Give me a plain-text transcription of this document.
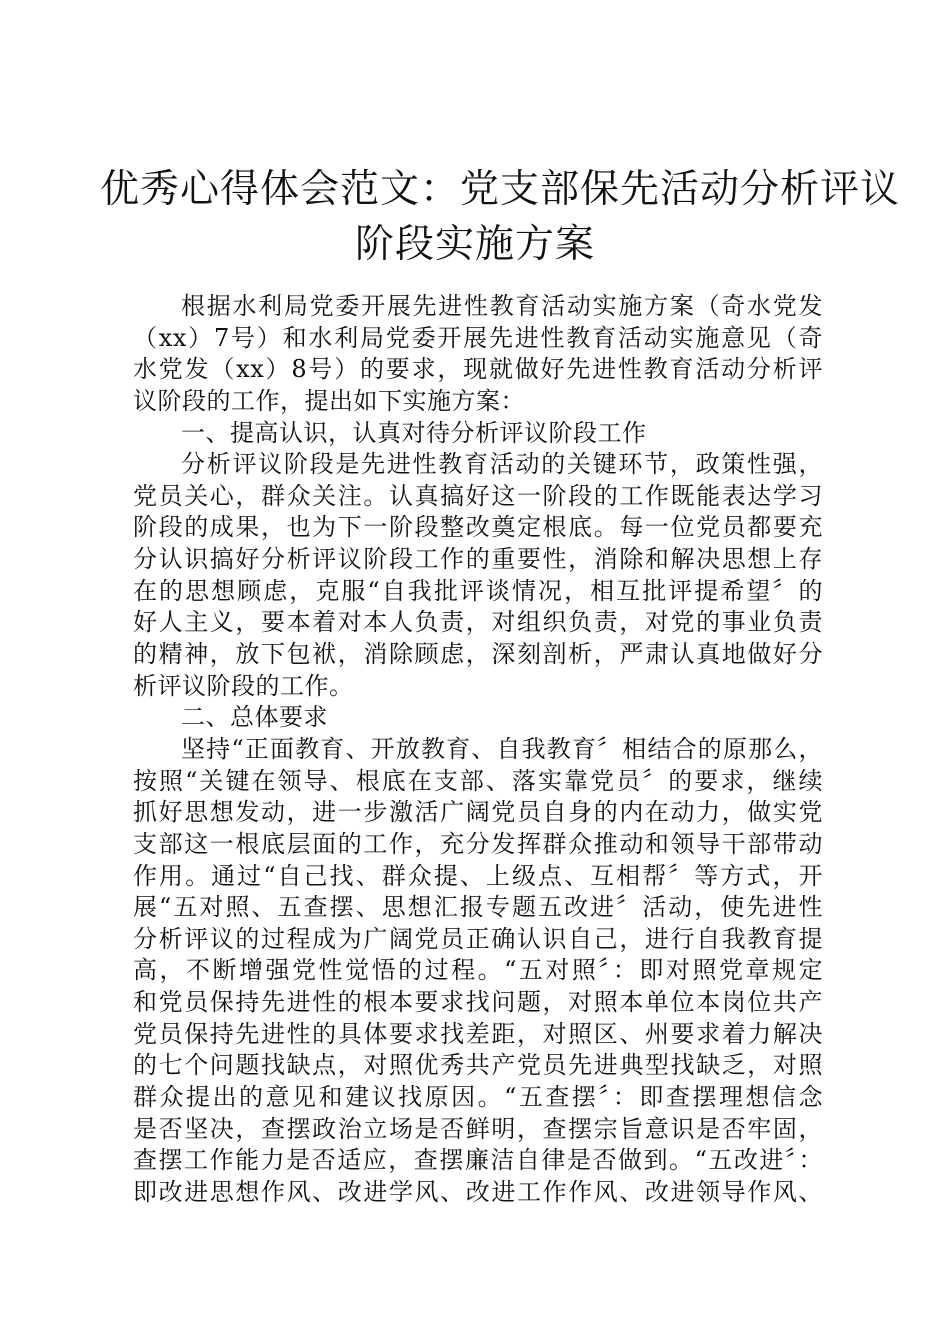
优秀心得体会范文：党支部保先活动分析评议
阶段实施方案
根据水利局党委开展先进性教育活动实施方案（奇水党发
（xx）7号）和水利局党委开展先进性教育活动实施意见（奇
水党发（xx）8号）的要求，现就做好先进性教育活动分析评
议阶段的工作，提出如下实施方案：
一、提高认识，认真对待分析评议阶段工作
分析评议阶段是先进性教育活动的关键环节，政策性强，
党员关心，群众关注。认真搞好这一阶段的工作既能表达学习
阶段的成果，也为下一阶段整改奠定根底。每一位党员都要充
分认识搞好分析评议阶段工作的重要性，消除和解决思想上存
在的思想顾虑，克服“自我批评谈情况，相互批评提希望〞的
好人主义，要本着对本人负责，对组织负责，对党的事业负责
的精神，放下包袱，消除顾虑，深刻剖析，严肃认真地做好分
析评议阶段的工作。
二、总体要求
坚持“正面教育、开放教育、自我教育〞相结合的原那么，
按照“关键在领导、根底在支部、落实靠党员〞的要求，继续
抓好思想发动，进一步激活广阔党员自身的内在动力，做实党
支部这一根底层面的工作，充分发挥群众推动和领导干部带动
作用。通过“自己找、群众提、上级点、互相帮〞等方式，开
展“五对照、五查摆、思想汇报专题五改进〞活动，使先进性
分析评议的过程成为广阔党员正确认识自己，进行自我教育提
高，不断增强党性觉悟的过程。“五对照〞：即对照党章规定
和党员保持先进性的根本要求找问题，对照本单位本岗位共产
党员保持先进性的具体要求找差距，对照区、州要求着力解决
的七个问题找缺点，对照优秀共产党员先进典型找缺乏，对照
群众提出的意见和建议找原因。“五查摆〞：即查摆理想信念
是否坚决，查摆政治立场是否鲜明，查摆宗旨意识是否牢固，
查摆工作能力是否适应，查摆廉洁自律是否做到。“五改进〞：
即改进思想作风、改进学风、改进工作作风、改进领导作风、
